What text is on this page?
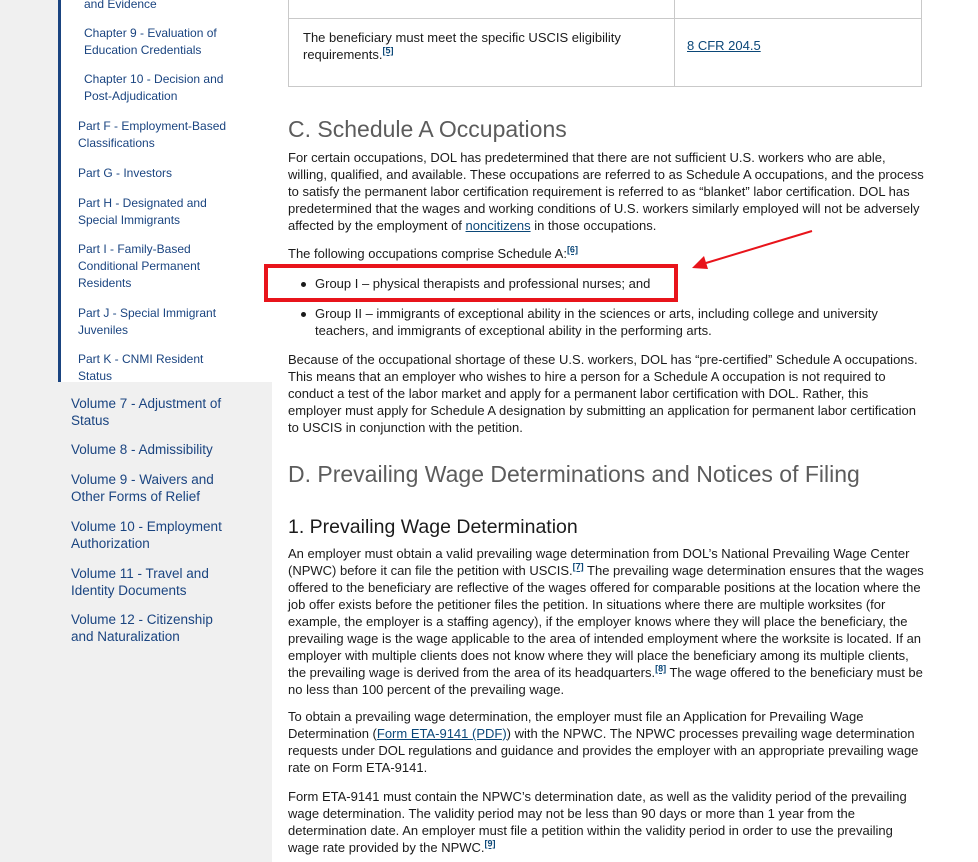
and Evidence
Chapter 9 - Evaluation of Education Credentials
Chapter 10 - Decision and Post-Adjudication
Part F - Employment-Based Classifications
Part G - Investors
Part H - Designated and Special Immigrants
Part I - Family-Based Conditional Permanent Residents
Part J - Special Immigrant Juveniles
Part K - CNMI Resident Status
Volume 7 - Adjustment of Status
Volume 8 - Admissibility
Volume 9 - Waivers and Other Forms of Relief
Volume 10 - Employment Authorization
Volume 11 - Travel and Identity Documents
Volume 12 - Citizenship and Naturalization
The beneficiary must meet the specific USCIS eligibility requirements.[5]	8 CFR 204.5
C. Schedule A Occupations

For certain occupations, DOL has predetermined that there are not sufficient U.S. workers who are able, willing, qualified, and available. These occupations are referred to as Schedule A occupations, and the process to satisfy the permanent labor certification requirement is referred to as “blanket” labor certification. DOL has predetermined that the wages and working conditions of U.S. workers similarly employed will not be adversely affected by the employment of noncitizens in those occupations.

The following occupations comprise Schedule A:[6]

Group I – physical therapists and professional nurses; and
Group II – immigrants of exceptional ability in the sciences or arts, including college and university teachers, and immigrants of exceptional ability in the performing arts.

Because of the occupational shortage of these U.S. workers, DOL has “pre-certified” Schedule A occupations. This means that an employer who wishes to hire a person for a Schedule A occupation is not required to conduct a test of the labor market and apply for a permanent labor certification with DOL. Rather, this employer must apply for Schedule A designation by submitting an application for permanent labor certification to USCIS in conjunction with the petition.

D. Prevailing Wage Determinations and Notices of Filing
1. Prevailing Wage Determination

An employer must obtain a valid prevailing wage determination from DOL’s National Prevailing Wage Center (NPWC) before it can file the petition with USCIS.[7] The prevailing wage determination ensures that the wages offered to the beneficiary are reflective of the wages offered for comparable positions at the location where the job offer exists before the petitioner files the petition. In situations where there are multiple worksites (for example, the employer is a staffing agency), if the employer knows where they will place the beneficiary, the prevailing wage is the wage applicable to the area of intended employment where the worksite is located. If an employer with multiple clients does not know where they will place the beneficiary among its multiple clients, the prevailing wage is derived from the area of its headquarters.[8] The wage offered to the beneficiary must be no less than 100 percent of the prevailing wage.

To obtain a prevailing wage determination, the employer must file an Application for Prevailing Wage Determination (Form ETA-9141 (PDF)) with the NPWC. The NPWC processes prevailing wage determination requests under DOL regulations and guidance and provides the employer with an appropriate prevailing wage rate on Form ETA-9141.

Form ETA-9141 must contain the NPWC’s determination date, as well as the validity period of the prevailing wage determination. The validity period may not be less than 90 days or more than 1 year from the determination date. An employer must file a petition within the validity period in order to use the prevailing wage rate provided by the NPWC.[9]
